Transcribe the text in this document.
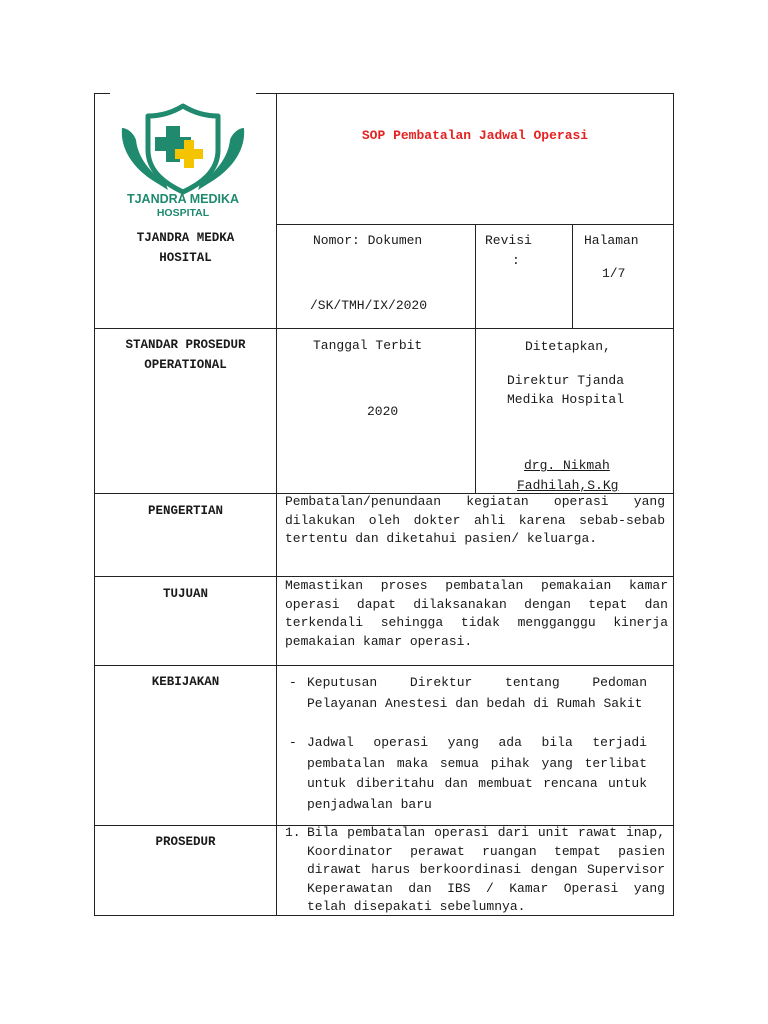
TJANDRA MEDIKA
HOSPITAL
SOP Pembatalan Jadwal Operasi
TJANDRA MEDKA
HOSITAL
Nomor: Dokumen
/SK/TMH/IX/2020
Revisi
:
Halaman
1/7
STANDAR PROSEDUR
OPERATIONAL
Tanggal Terbit
2020
Ditetapkan,
Direktur Tjanda
Medika Hospital
drg. Nikmah
Fadhilah,S.Kg
PENGERTIAN
Pembatalan/penundaan kegiatan operasi yang dilakukan oleh dokter ahli karena sebab-sebab tertentu dan diketahui pasien/ keluarga.
TUJUAN
Memastikan proses pembatalan pemakaian kamar operasi dapat dilaksanakan dengan tepat dan terkendali sehingga tidak mengganggu kinerja pemakaian kamar operasi.
KEBIJAKAN	- Keputusan Direktur tentang Pedoman Pelayanan Anestesi dan bedah di Rumah Sakit
- Jadwal operasi yang ada bila terjadi pembatalan maka semua pihak yang terlibat untuk diberitahu dan membuat rencana untuk penjadwalan baru
PROSEDUR
1. Bila pembatalan operasi dari unit rawat inap, Koordinator perawat ruangan tempat pasien dirawat harus berkoordinasi dengan Supervisor Keperawatan dan IBS / Kamar Operasi yang telah disepakati sebelumnya.
